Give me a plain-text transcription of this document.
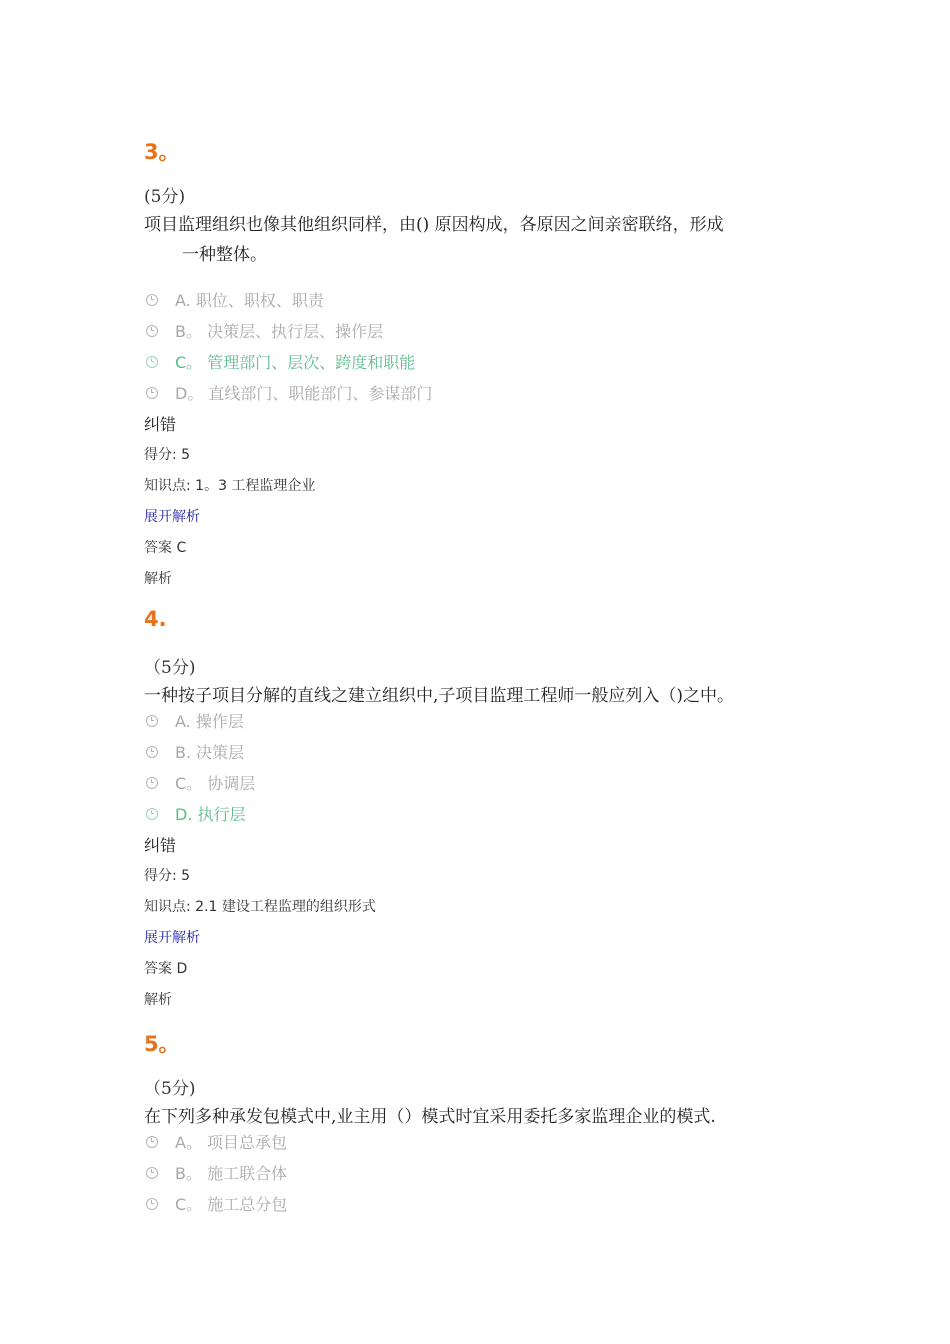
3。
(5分)
项目监理组织也像其他组织同样，由() 原因构成，各原因之间亲密联络，形成
一种整体。
A. 职位、职权、职责
B。 决策层、执行层、操作层
C。 管理部门、层次、跨度和职能
D。 直线部门、职能部门、参谋部门
纠错
得分: 5
知识点: 1。3 工程监理企业
展开解析
答案 C
解析
4.
（5分)
一种按子项目分解的直线之建立组织中,子项目监理工程师一般应列入（)之中。
A. 操作层
B. 决策层
C。 协调层
D. 执行层
纠错
得分: 5
知识点: 2.1 建设工程监理的组织形式
展开解析
答案 D
解析
5。
（5分)
在下列多种承发包模式中,业主用（）模式时宜采用委托多家监理企业的模式.
A。 项目总承包
B。 施工联合体
C。 施工总分包
